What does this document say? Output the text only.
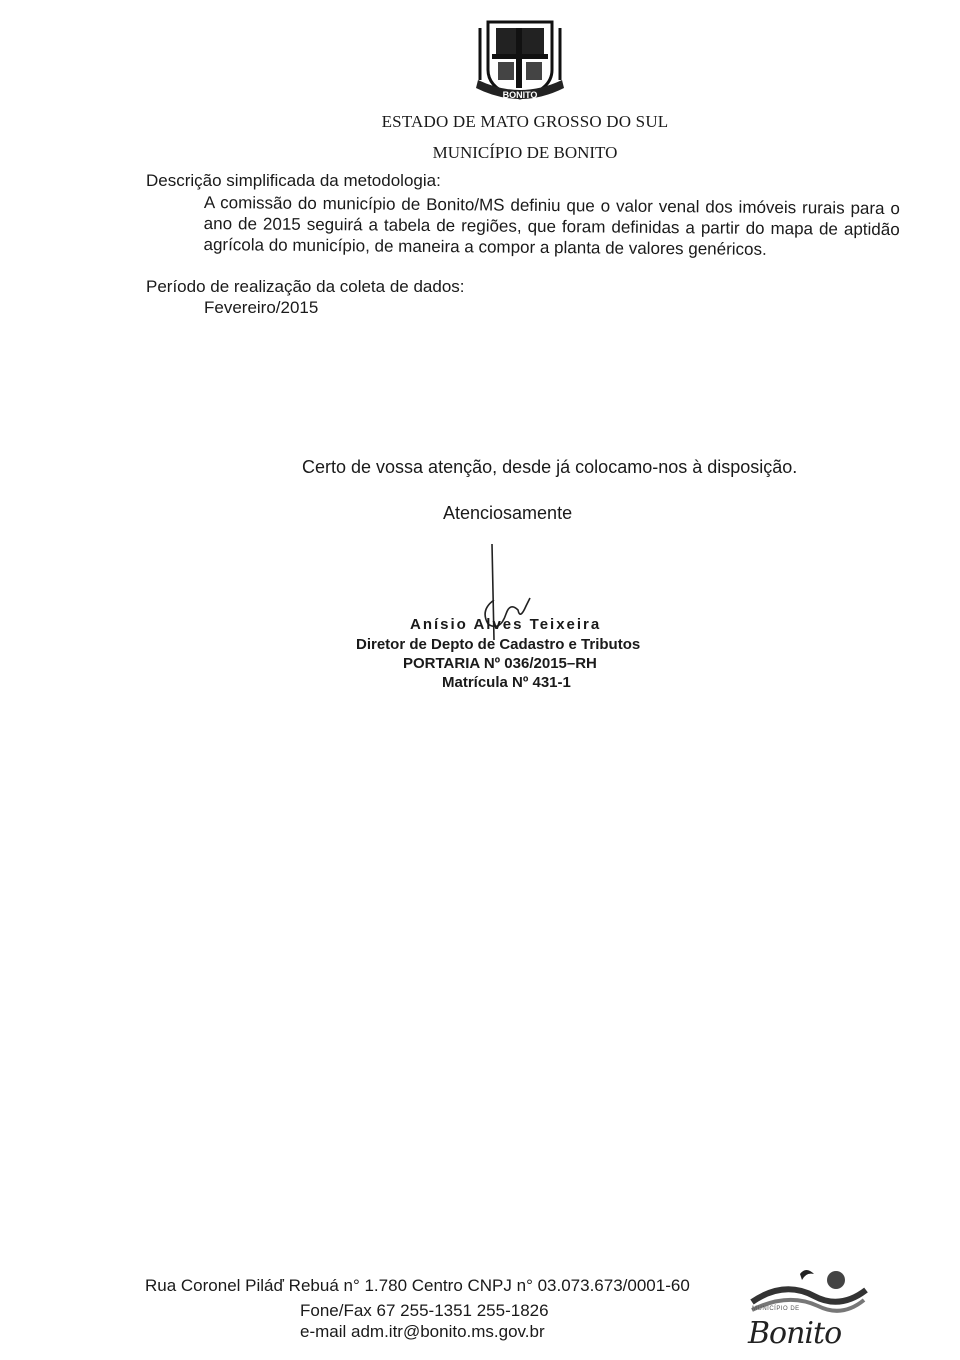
BONITO
ESTADO DE MATO GROSSO DO SUL
MUNICÍPIO DE BONITO
Descrição simplificada da metodologia:

A comissão do município de Bonito/MS definiu que o valor venal dos imóveis rurais para o ano de 2015 seguirá a tabela de regiões, que foram definidas a partir do mapa de aptidão agrícola do município, de maneira a compor a planta de valores genéricos.

Período de realização da coleta de dados:
Fevereiro/2015
Certo de vossa atenção, desde já colocamo-nos à disposição.
Atenciosamente
Anísio Alves Teixeira
Diretor de Depto de Cadastro e Tributos
PORTARIA Nº 036/2015–RH
Matrícula Nº 431-1
Rua Coronel Piláď Rebuá n° 1.780 Centro CNPJ n° 03.073.673/0001-60
Fone/Fax 67 255-1351 255-1826
e-mail adm.itr@bonito.ms.gov.br
MUNICÍPIO DE
Bonito
